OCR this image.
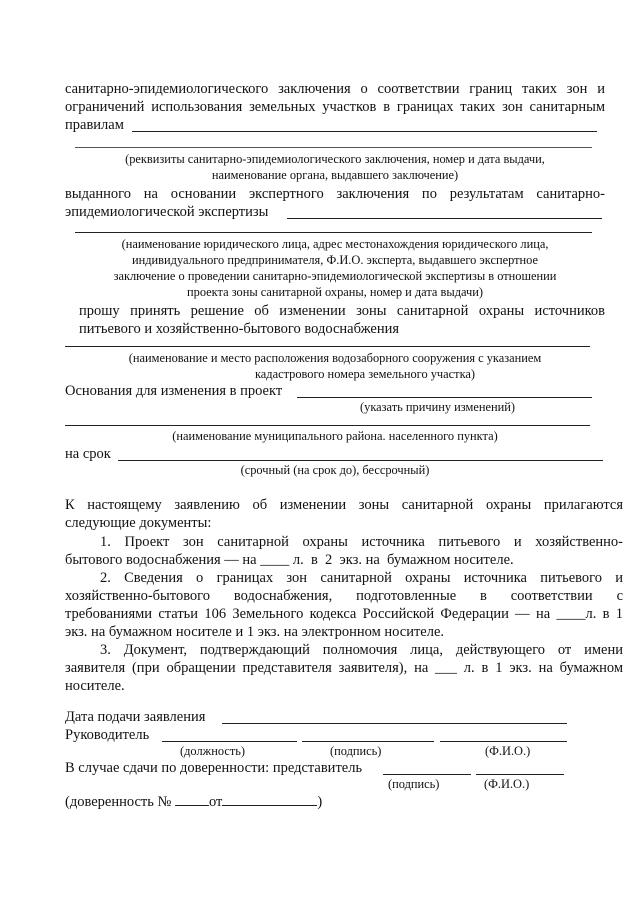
санитарно-эпидемиологического заключения о соответствии границ таких зон и
ограничений использования земельных участков в границах таких зон санитарным
правилам
(реквизиты санитарно-эпидемиологического заключения, номер и дата выдачи,
наименование органа, выдавшего заключение)
выданного на основании экспертного заключения по результатам санитарно-
эпидемиологической экспертизы
(наименование юридического лица, адрес местонахождения юридического лица,
индивидуального предпринимателя, Ф.И.О. эксперта, выдавшего экспертное
заключение о проведении санитарно-эпидемиологической экспертизы в отношении
проекта зоны санитарной охраны, номер и дата выдачи)
прошу принять решение об изменении зоны санитарной охраны источников
питьевого и хозяйственно-бытового водоснабжения
(наименование и место расположения водозаборного сооружения с указанием
кадастрового номера земельного участка)
Основания для изменения в проект
(указать причину изменений)
(наименование муниципального района. населенного пункта)
на срок
(срочный (на срок до), бессрочный)
К настоящему заявлению об изменении зоны санитарной охраны прилагаются
следующие документы:
1. Проект зон санитарной охраны источника питьевого и хозяйственно-
бытового водоснабжения — на ____ л.  в  2  экз. на  бумажном носителе.
2. Сведения о границах зон санитарной охраны источника питьевого и
хозяйственно-бытового водоснабжения, подготовленные в соответствии с
требованиями статьи 106 Земельного кодекса Российской Федерации — на ____л. в 1
экз. на бумажном носителе и 1 экз. на электронном носителе.
3. Документ, подтверждающий полномочия лица, действующего от имени
заявителя (при обращении представителя заявителя), на ___ л. в 1 экз. на бумажном
носителе.
Дата подачи заявления
Руководитель
(должность)	(подпись)	(Ф.И.О.)
В случае сдачи по доверенности: представитель
(подпись)	(Ф.И.О.)
(доверенность №	от	)
